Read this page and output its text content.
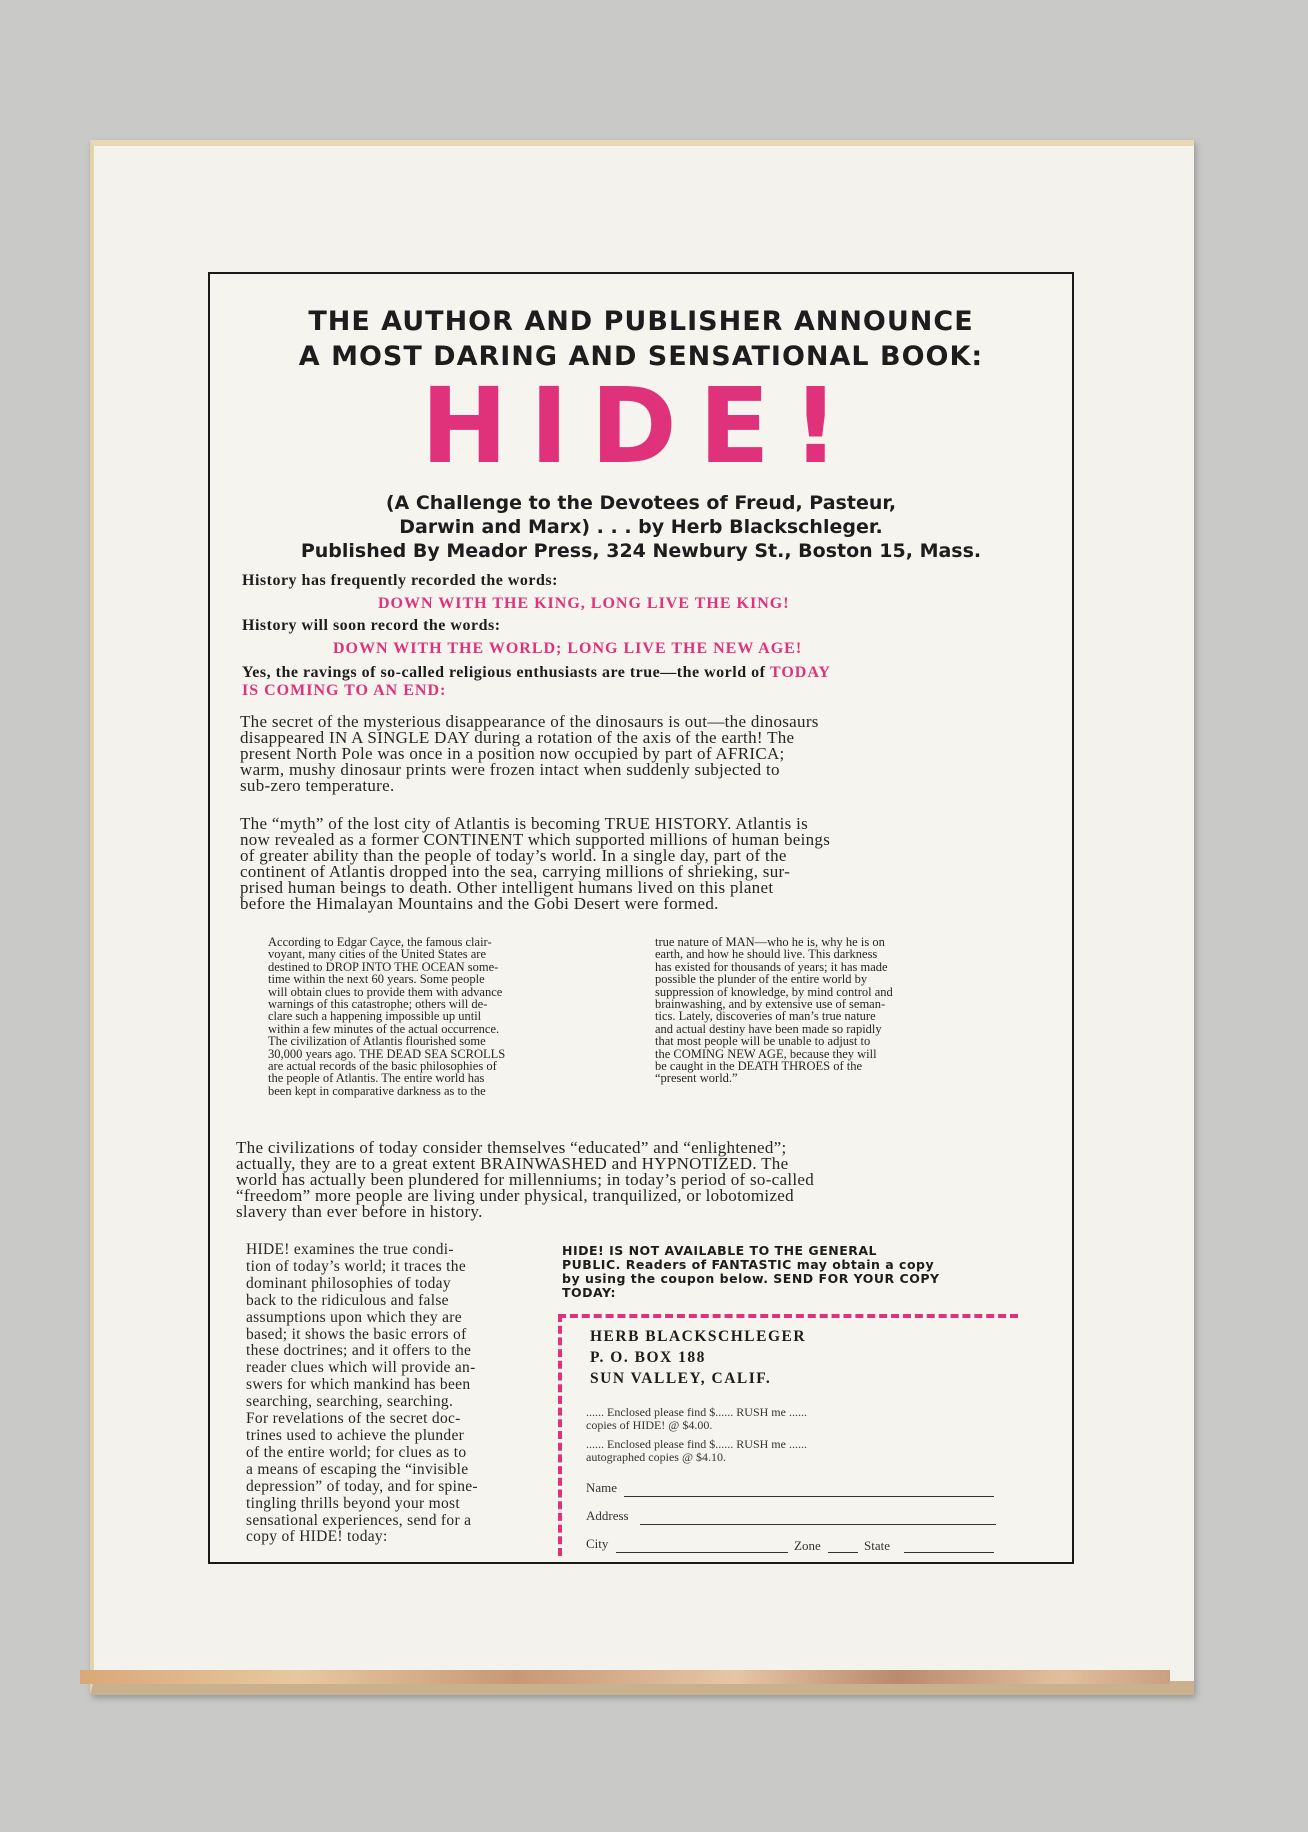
THE AUTHOR AND PUBLISHER ANNOUNCE
A MOST DARING AND SENSATIONAL BOOK:
HIDE!
(A Challenge to the Devotees of Freud, Pasteur,
Darwin and Marx) . . . by Herb Blackschleger.
Published By Meador Press, 324 Newbury St., Boston 15, Mass.
History has frequently recorded the words:
DOWN WITH THE KING, LONG LIVE THE KING!
History will soon record the words:
DOWN WITH THE WORLD; LONG LIVE THE NEW AGE!
Yes, the ravings of so-called religious enthusiasts are true—the world of TODAY
IS COMING TO AN END:
The secret of the mysterious disappearance of the dinosaurs is out—the dinosaurs
disappeared IN A SINGLE DAY during a rotation of the axis of the earth! The
present North Pole was once in a position now occupied by part of AFRICA;
warm, mushy dinosaur prints were frozen intact when suddenly subjected to
sub-zero temperature.
The “myth” of the lost city of Atlantis is becoming TRUE HISTORY. Atlantis is
now revealed as a former CONTINENT which supported millions of human beings
of greater ability than the people of today’s world. In a single day, part of the
continent of Atlantis dropped into the sea, carrying millions of shrieking, sur-
prised human beings to death. Other intelligent humans lived on this planet
before the Himalayan Mountains and the Gobi Desert were formed.
According to Edgar Cayce, the famous clair-
voyant, many cities of the United States are
destined to DROP INTO THE OCEAN some-
time within the next 60 years. Some people
will obtain clues to provide them with advance
warnings of this catastrophe; others will de-
clare such a happening impossible up until
within a few minutes of the actual occurrence.
The civilization of Atlantis flourished some
30,000 years ago. THE DEAD SEA SCROLLS
are actual records of the basic philosophies of
the people of Atlantis. The entire world has
been kept in comparative darkness as to the
true nature of MAN—who he is, why he is on
earth, and how he should live. This darkness
has existed for thousands of years; it has made
possible the plunder of the entire world by
suppression of knowledge, by mind control and
brainwashing, and by extensive use of seman-
tics. Lately, discoveries of man’s true nature
and actual destiny have been made so rapidly
that most people will be unable to adjust to
the COMING NEW AGE, because they will
be caught in the DEATH THROES of the
“present world.”
The civilizations of today consider themselves “educated” and “enlightened”;
actually, they are to a great extent BRAINWASHED and HYPNOTIZED. The
world has actually been plundered for millenniums; in today’s period of so-called
“freedom” more people are living under physical, tranquilized, or lobotomized
slavery than ever before in history.
HIDE! examines the true condi-
tion of today’s world; it traces the
dominant philosophies of today
back to the ridiculous and false
assumptions upon which they are
based; it shows the basic errors of
these doctrines; and it offers to the
reader clues which will provide an-
swers for which mankind has been
searching, searching, searching.
For revelations of the secret doc-
trines used to achieve the plunder
of the entire world; for clues as to
a means of escaping the “invisible
depression” of today, and for spine-
tingling thrills beyond your most
sensational experiences, send for a
copy of HIDE! today:
HIDE! IS NOT AVAILABLE TO THE GENERAL
PUBLIC. Readers of FANTASTIC may obtain a copy
by using the coupon below. SEND FOR YOUR COPY
TODAY:
HERB BLACKSCHLEGER
P. O. BOX 188
SUN VALLEY, CALIF.
...... Enclosed please find $...... RUSH me ......
copies of HIDE! @ $4.00.
...... Enclosed please find $...... RUSH me ......
autographed copies @ $4.10.
Name
Address
City	Zone	State
